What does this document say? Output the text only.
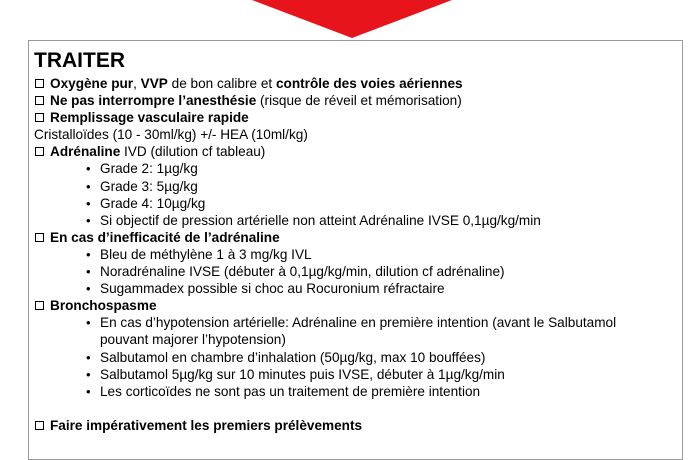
TRAITER
Oxygène pur, VVP de bon calibre et contrôle des voies aériennes
Ne pas interrompre l’anesthésie (risque de réveil et mémorisation)
Remplissage vasculaire rapide
Cristalloïdes (10 - 30ml/kg) +/- HEA (10ml/kg)
Adrénaline IVD (dilution cf tableau)
• Grade 2: 1µg/kg
• Grade 3: 5µg/kg
• Grade 4: 10µg/kg
• Si objectif de pression artérielle non atteint Adrénaline IVSE 0,1µg/kg/min
En cas d’inefficacité de l’adrénaline
• Bleu de méthylène 1 à 3 mg/kg IVL
• Noradrénaline IVSE (débuter à 0,1µg/kg/min, dilution cf adrénaline)
• Sugammadex possible si choc au Rocuronium réfractaire
Bronchospasme
• En cas d’hypotension artérielle: Adrénaline en première intention (avant le Salbutamol pouvant majorer l’hypotension)
• Salbutamol en chambre d’inhalation (50µg/kg, max 10 bouffées)
• Salbutamol 5µg/kg sur 10 minutes puis IVSE, débuter à 1µg/kg/min
• Les corticoïdes ne sont pas un traitement de première intention
Faire impérativement les premiers prélèvements
